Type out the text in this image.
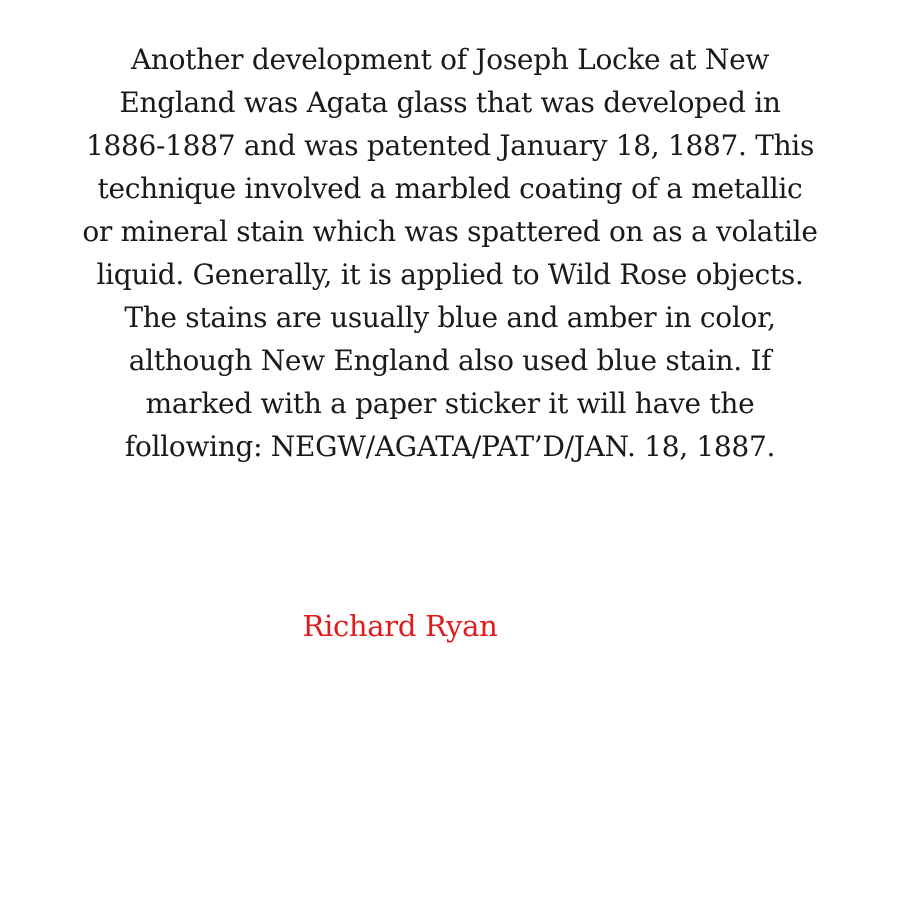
Another development of Joseph Locke at New
England was Agata glass that was developed in
1886-1887 and was patented January 18, 1887. This
technique involved a marbled coating of a metallic
or mineral stain which was spattered on as a volatile
liquid. Generally, it is applied to Wild Rose objects.
The stains are usually blue and amber in color,
although New England also used blue stain. If
marked with a paper sticker it will have the
following: NEGW/AGATA/PAT’D/JAN. 18, 1887.

Richard Ryan
